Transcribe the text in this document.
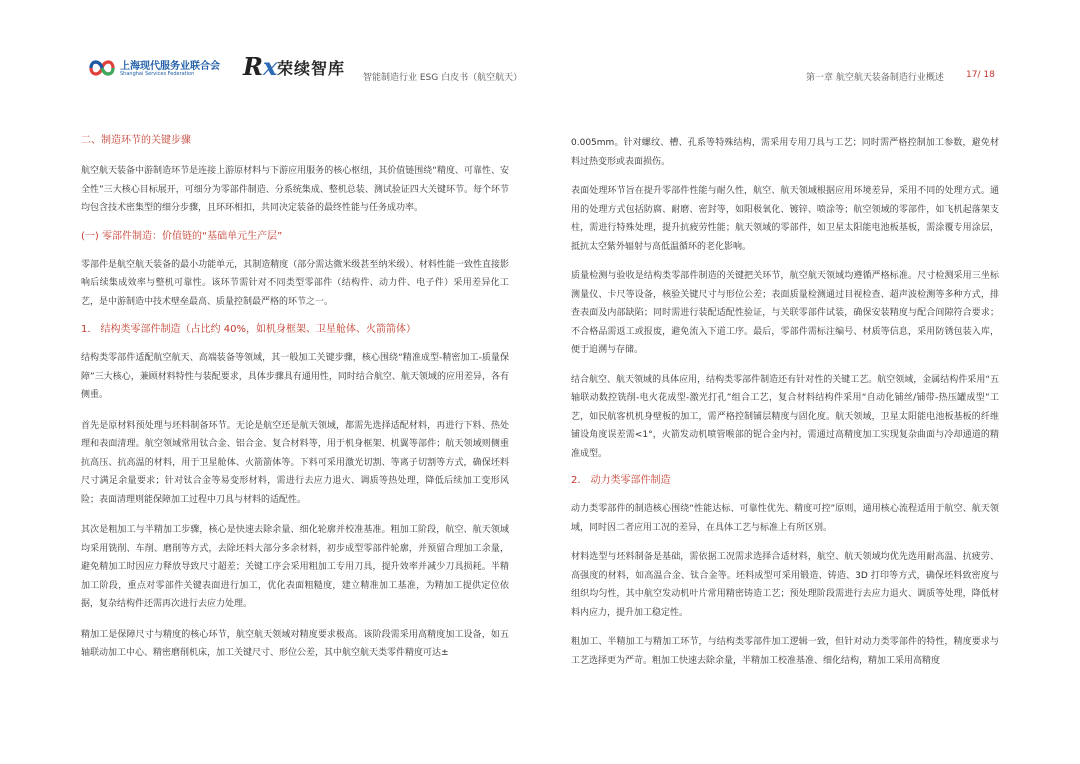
上海现代服务业联合会
Shanghai Services Federation Rx 荣续智库 智能制造行业 ESG 白皮书（航空航天）	第一章 航空航天装备制造行业概述 17/ 18
二、制造环节的关键步骤
航空航天装备中游制造环节是连接上游原材料与下游应用服务的核心枢纽，其价值链围绕“精度、可靠性、安全性”三大核心目标展开，可细分为零部件制造、分系统集成、整机总装、测试验证四大关键环节。每个环节均包含技术密集型的细分步骤，且环环相扣，共同决定装备的最终性能与任务成功率。
(一) 零部件制造：价值链的“基础单元生产层”
零部件是航空航天装备的最小功能单元，其制造精度（部分需达微米级甚至纳米级）、材料性能一致性直接影响后续集成效率与整机可靠性。该环节需针对不同类型零部件（结构件、动力件、电子件）采用差异化工艺，是中游制造中技术壁垒最高、质量控制最严格的环节之一。
1.　结构类零部件制造（占比约 40%，如机身框架、卫星舱体、火箭箭体）
结构类零部件适配航空航天、高端装备等领域，其一般加工关键步骤，核心围绕“精准成型-精密加工-质量保障”三大核心，兼顾材料特性与装配要求，具体步骤具有通用性，同时结合航空、航天领域的应用差异，各有侧重。
首先是原材料预处理与坯料制备环节。无论是航空还是航天领域，都需先选择适配材料，再进行下料、热处理和表面清理。航空领域常用钛合金、铝合金、复合材料等，用于机身框架、机翼等部件；航天领域则侧重抗高压、抗高温的材料，用于卫星舱体、火箭箭体等。下料可采用激光切割、等离子切割等方式，确保坯料尺寸满足余量要求；针对钛合金等易变形材料，需进行去应力退火、调质等热处理，降低后续加工变形风险；表面清理则能保障加工过程中刀具与材料的适配性。
其次是粗加工与半精加工步骤，核心是快速去除余量、细化轮廓并校准基准。粗加工阶段，航空、航天领域均采用铣削、车削、磨削等方式，去除坯料大部分多余材料，初步成型零部件轮廓，并预留合理加工余量，避免精加工时因应力释放导致尺寸超差；关键工序会采用粗加工专用刀具，提升效率并减少刀具损耗。半精加工阶段，重点对零部件关键表面进行加工，优化表面粗糙度，建立精准加工基准，为精加工提供定位依据，复杂结构件还需再次进行去应力处理。
精加工是保障尺寸与精度的核心环节，航空航天领域对精度要求极高。该阶段需采用高精度加工设备，如五轴联动加工中心、精密磨削机床，加工关键尺寸、形位公差，其中航空航天类零件精度可达±
0.005mm。针对螺纹、槽、孔系等特殊结构，需采用专用刀具与工艺；同时需严格控制加工参数，避免材料过热变形或表面损伤。
表面处理环节旨在提升零部件性能与耐久性，航空、航天领域根据应用环境差异，采用不同的处理方式。通用的处理方式包括防腐、耐磨、密封等，如阳极氧化、镀锌、喷涂等；航空领域的零部件，如飞机起落架支柱，需进行特殊处理，提升抗疲劳性能；航天领域的零部件，如卫星太阳能电池板基板，需涂覆专用涂层，抵抗太空紫外辐射与高低温循环的老化影响。
质量检测与验收是结构类零部件制造的关键把关环节，航空航天领域均遵循严格标准。尺寸检测采用三坐标测量仪、卡尺等设备，核验关键尺寸与形位公差；表面质量检测通过目视检查、超声波检测等多种方式，排查表面及内部缺陷；同时需进行装配适配性验证，与关联零部件试装，确保安装精度与配合间隙符合要求；不合格品需返工或报废，避免流入下道工序。最后，零部件需标注编号、材质等信息，采用防锈包装入库，便于追溯与存储。
结合航空、航天领域的具体应用，结构类零部件制造还有针对性的关键工艺。航空领域，金属结构件采用“五轴联动数控铣削-电火花成型-激光打孔”组合工艺，复合材料结构件采用“自动化铺丝/铺带-热压罐成型”工艺，如民航客机机身壁板的加工，需严格控制铺层精度与固化度。航天领域，卫星太阳能电池板基板的纤维铺设角度误差需<1°，火箭发动机喷管喉部的铌合金内衬，需通过高精度加工实现复杂曲面与冷却通道的精准成型。
2.　动力类零部件制造
动力类零部件的制造核心围绕“性能达标、可靠性优先、精度可控”原则，通用核心流程适用于航空、航天领域，同时因二者应用工况的差异，在具体工艺与标准上有所区别。
材料选型与坯料制备是基础，需依据工况需求选择合适材料，航空、航天领域均优先选用耐高温、抗疲劳、高强度的材料，如高温合金、钛合金等。坯料成型可采用锻造、铸造、3D 打印等方式，确保坯料致密度与组织均匀性，其中航空发动机叶片常用精密铸造工艺；预处理阶段需进行去应力退火、调质等处理，降低材料内应力，提升加工稳定性。
粗加工、半精加工与精加工环节，与结构类零部件加工逻辑一致，但针对动力类零部件的特性，精度要求与工艺选择更为严苛。粗加工快速去除余量，半精加工校准基准、细化结构，精加工采用高精度
